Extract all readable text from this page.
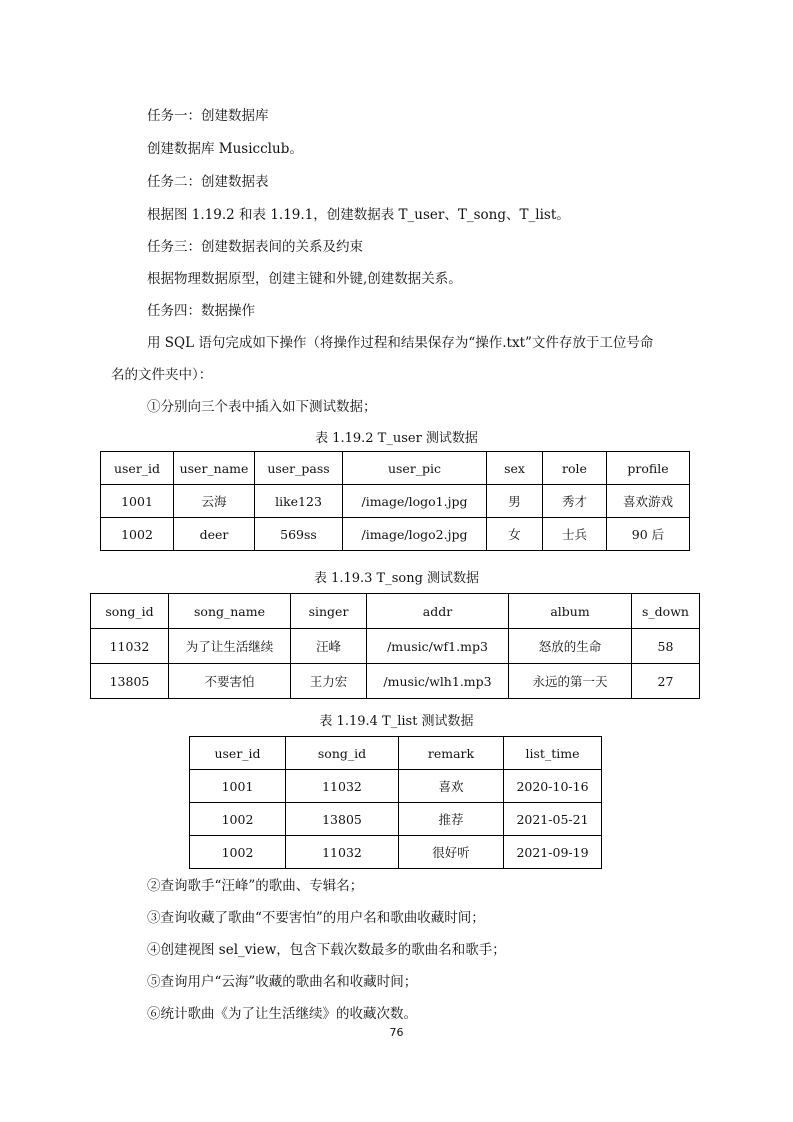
任务一：创建数据库
创建数据库 Musicclub。
任务二：创建数据表
根据图 1.19.2 和表 1.19.1，创建数据表 T_user、T_song、T_list。
任务三：创建数据表间的关系及约束
根据物理数据原型，创建主键和外键,创建数据关系。
任务四：数据操作
用 SQL 语句完成如下操作（将操作过程和结果保存为“操作.txt”文件存放于工位号命
名的文件夹中）：
①分别向三个表中插入如下测试数据；
表 1.19.2 T_user 测试数据
user_id	user_name	user_pass	user_pic	sex	role	profile
1001	云海	like123	/image/logo1.jpg	男	秀才	喜欢游戏
1002	deer	569ss	/image/logo2.jpg	女	士兵	90 后
表 1.19.3 T_song 测试数据
song_id	song_name	singer	addr	album	s_down
11032	为了让生活继续	汪峰	/music/wf1.mp3	怒放的生命	58
13805	不要害怕	王力宏	/music/wlh1.mp3	永远的第一天	27
表 1.19.4 T_list 测试数据
user_id	song_id	remark	list_time
1001	11032	喜欢	2020-10-16
1002	13805	推荐	2021-05-21
1002	11032	很好听	2021-09-19
②查询歌手“汪峰”的歌曲、专辑名；
③查询收藏了歌曲“不要害怕”的用户名和歌曲收藏时间；
④创建视图 sel_view，包含下载次数最多的歌曲名和歌手；
⑤查询用户“云海”收藏的歌曲名和收藏时间；
⑥统计歌曲《为了让生活继续》的收藏次数。
76
